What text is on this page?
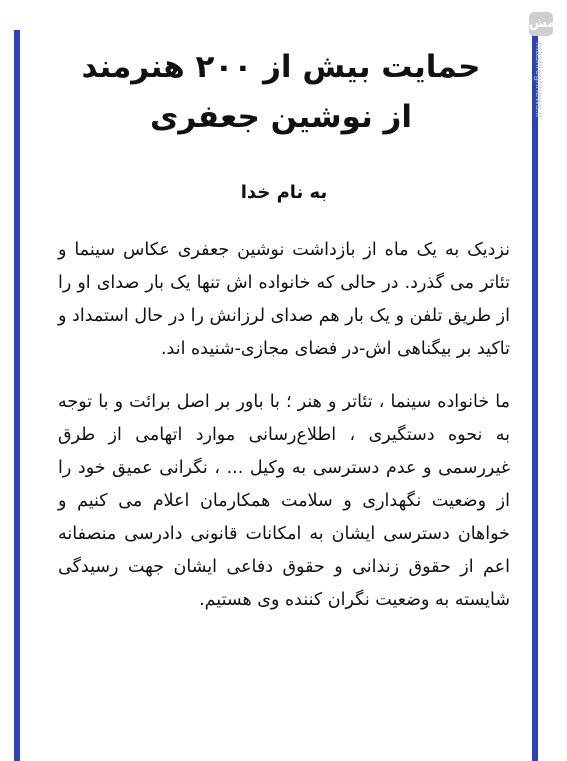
مش
mashreghnews.ir
حمایت بیش از ۲۰۰ هنرمند از نوشین جعفری
به نام خدا

نزدیک به یک ماه از بازداشت نوشین جعفری عکاس سینما و تئاتر می گذرد. در حالی که خانواده اش تنها یک بار صدای او را از طریق تلفن و یک بار هم صدای لرزانش را در حال استمداد و تاکید بر بیگناهی اش-در فضای مجازی-شنیده اند.

ما خانواده سینما ، تئاتر و هنر ؛ با باور بر اصل برائت و با توجه به نحوه دستگیری ، اطلاع‌رسانی موارد اتهامی از طرق غیررسمی و عدم دسترسی به وکیل ... ، نگرانی عمیق خود را از وضعیت نگهداری و سلامت همکارمان اعلام می کنیم و خواهان دسترسی ایشان به امکانات قانونی دادرسی منصفانه اعم از حقوق زندانی و حقوق دفاعی ایشان جهت رسیدگی شایسته به وضعیت نگران کننده وی هستیم.
